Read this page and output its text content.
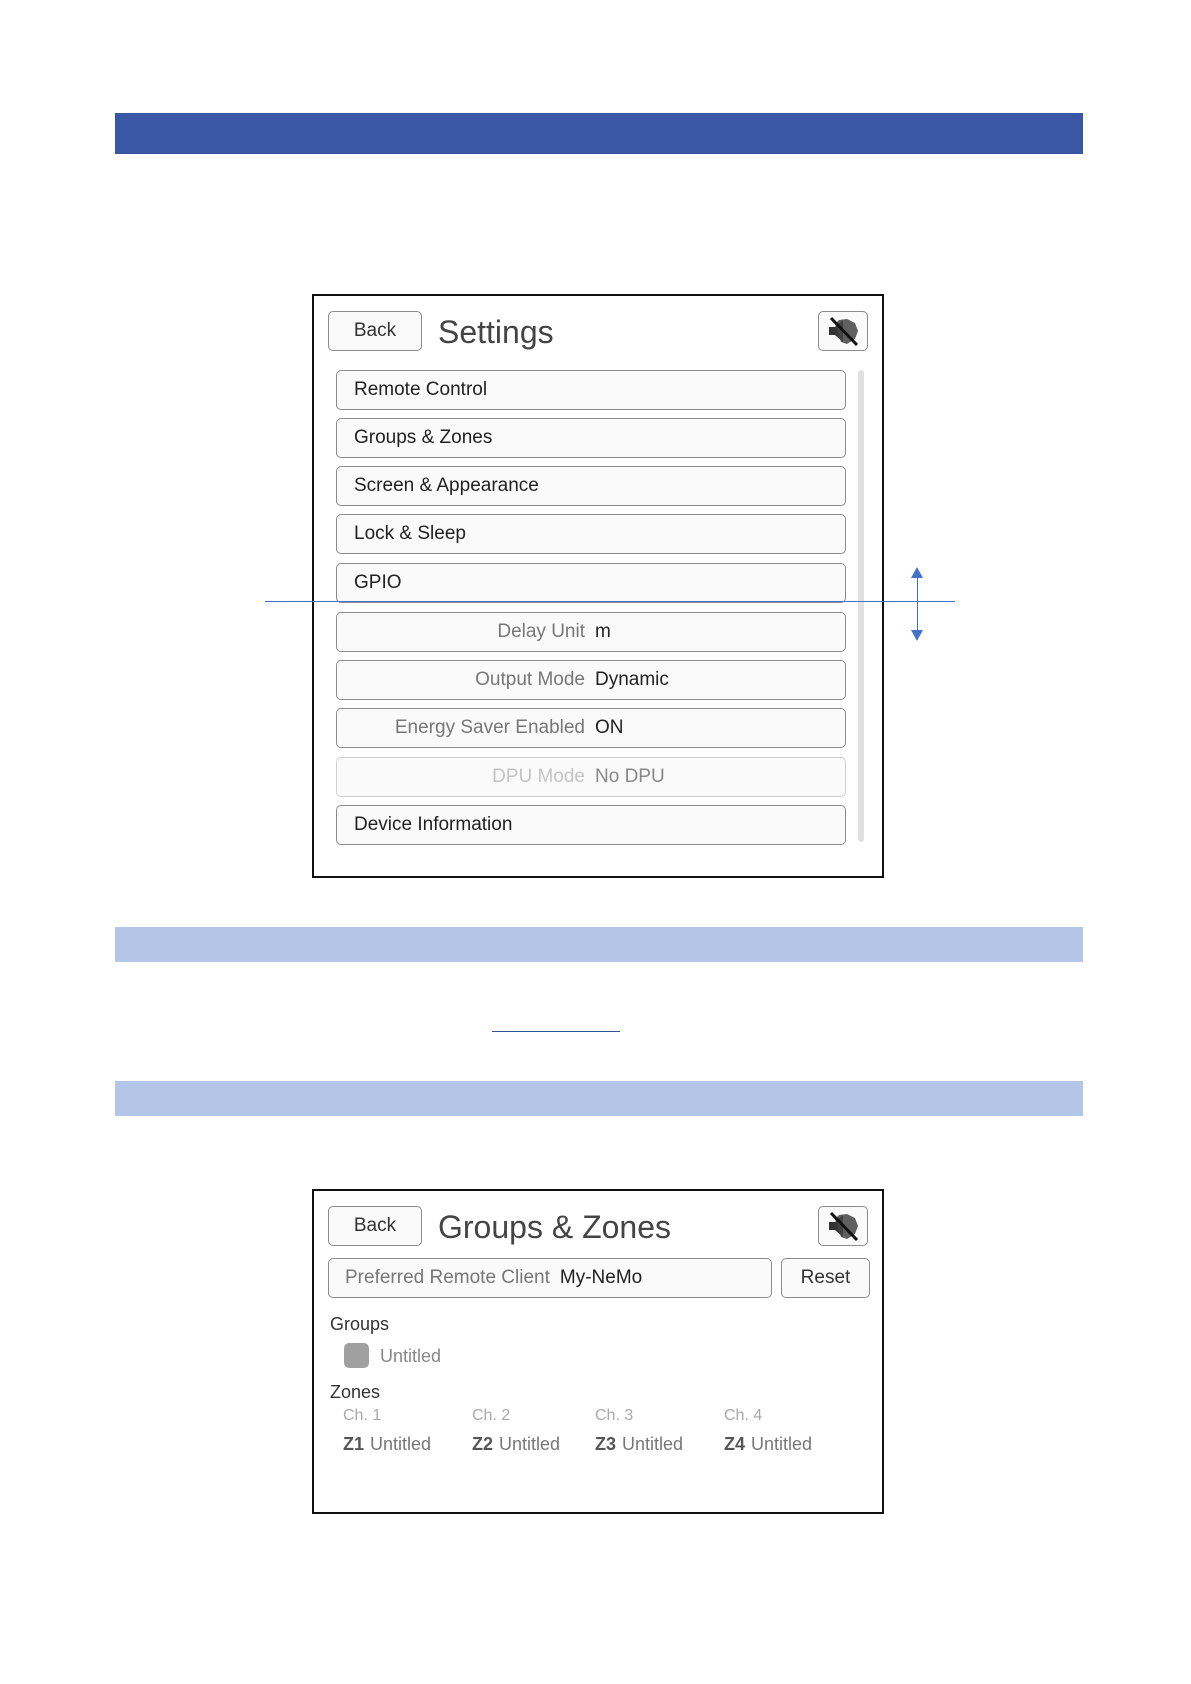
Back	Settings
Remote Control
Groups & Zones
Screen & Appearance
Lock & Sleep
GPIO
Delay Unit m
Output Mode Dynamic
Energy Saver Enabled ON
DPU Mode No DPU
Device Information
Back	Groups & Zones
Preferred Remote Client My-NeMo	Reset
Groups
Untitled
Zones
Ch. 1
Z1 Untitled
Ch. 2
Z2 Untitled
Ch. 3
Z3 Untitled
Ch. 4
Z4 Untitled
